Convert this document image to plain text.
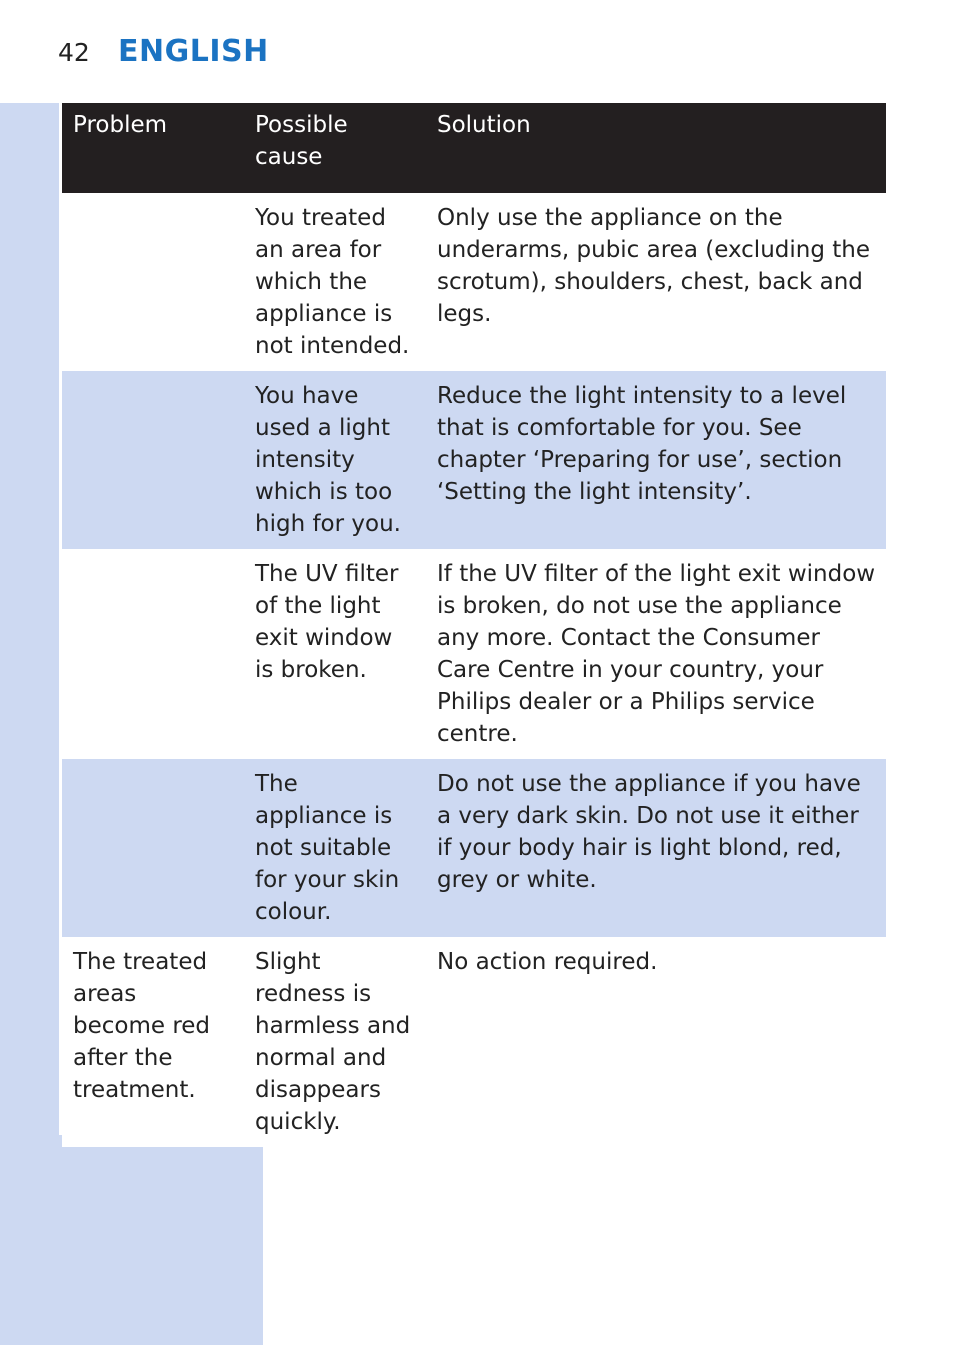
42 ENGLISH
Problem	Possible cause	Solution
	You treated an area for which the appliance is not intended.	Only use the appliance on the underarms, pubic area (excluding the scrotum), shoulders, chest, back and legs.
	You have used a light intensity which is too high for you.	Reduce the light intensity to a level that is comfortable for you. See chapter ‘Preparing for use’, section ‘Setting the light intensity’.
	The UV filter of the light exit window is broken.	If the UV filter of the light exit window is broken, do not use the appliance any more. Contact the Consumer Care Centre in your country, your Philips dealer or a Philips service centre.
	The appliance is not suitable for your skin colour.	Do not use the appliance if you have a very dark skin. Do not use it either if your body hair is light blond, red, grey or white.
The treated areas become red after the treatment.	Slight redness is harmless and normal and disappears quickly.	No action required.
